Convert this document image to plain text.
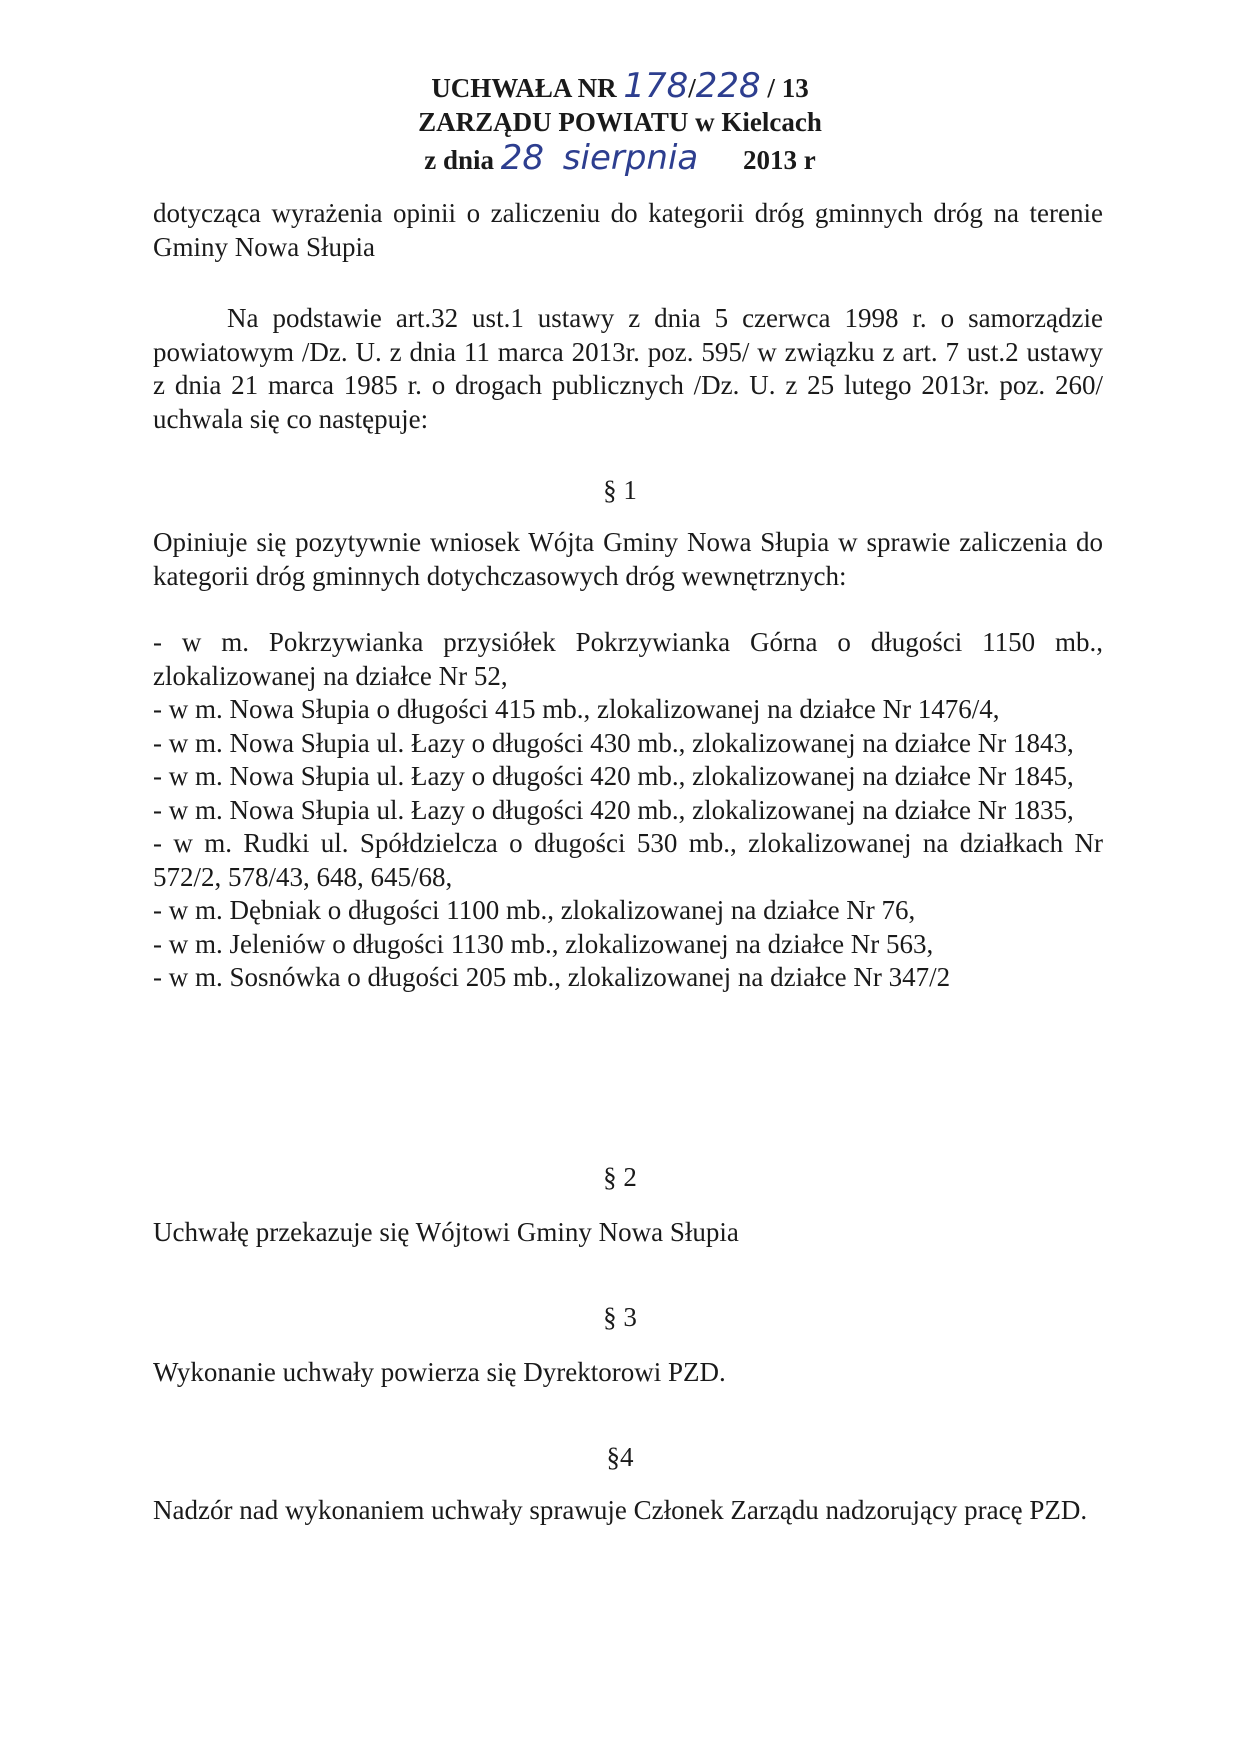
UCHWAŁA NR 178/228 / 13
ZARZĄDU POWIATU w Kielcach
z dnia 28 sierpnia 2013 r

dotycząca wyrażenia opinii o zaliczeniu do kategorii dróg gminnych dróg na terenie Gminy Nowa Słupia

Na podstawie art.32 ust.1 ustawy z dnia 5 czerwca 1998 r. o samorządzie powiatowym /Dz. U. z dnia 11 marca 2013r. poz. 595/ w związku z art. 7 ust.2 ustawy z dnia 21 marca 1985 r. o drogach publicznych /Dz. U. z 25 lutego 2013r. poz. 260/ uchwala się co następuje:

§ 1

Opiniuje się pozytywnie wniosek Wójta Gminy Nowa Słupia w sprawie zaliczenia do kategorii dróg gminnych dotychczasowych dróg wewnętrznych:

- w m. Pokrzywianka przysiółek Pokrzywianka Górna o długości 1150 mb., zlokalizowanej na działce Nr 52,
- w m. Nowa Słupia o długości 415 mb., zlokalizowanej na działce Nr 1476/4,
- w m. Nowa Słupia ul. Łazy o długości 430 mb., zlokalizowanej na działce Nr 1843,
- w m. Nowa Słupia ul. Łazy o długości 420 mb., zlokalizowanej na działce Nr 1845,
- w m. Nowa Słupia ul. Łazy o długości 420 mb., zlokalizowanej na działce Nr 1835,
- w m. Rudki ul. Spółdzielcza o długości 530 mb., zlokalizowanej na działkach Nr 572/2, 578/43, 648, 645/68,
- w m. Dębniak o długości 1100 mb., zlokalizowanej na działce Nr 76,
- w m. Jeleniów o długości 1130 mb., zlokalizowanej na działce Nr 563,
- w m. Sosnówka o długości 205 mb., zlokalizowanej na działce Nr 347/2
§ 2

Uchwałę przekazuje się Wójtowi Gminy Nowa Słupia

§ 3

Wykonanie uchwały powierza się Dyrektorowi PZD.

§4

Nadzór nad wykonaniem uchwały sprawuje Członek Zarządu nadzorujący pracę PZD.
